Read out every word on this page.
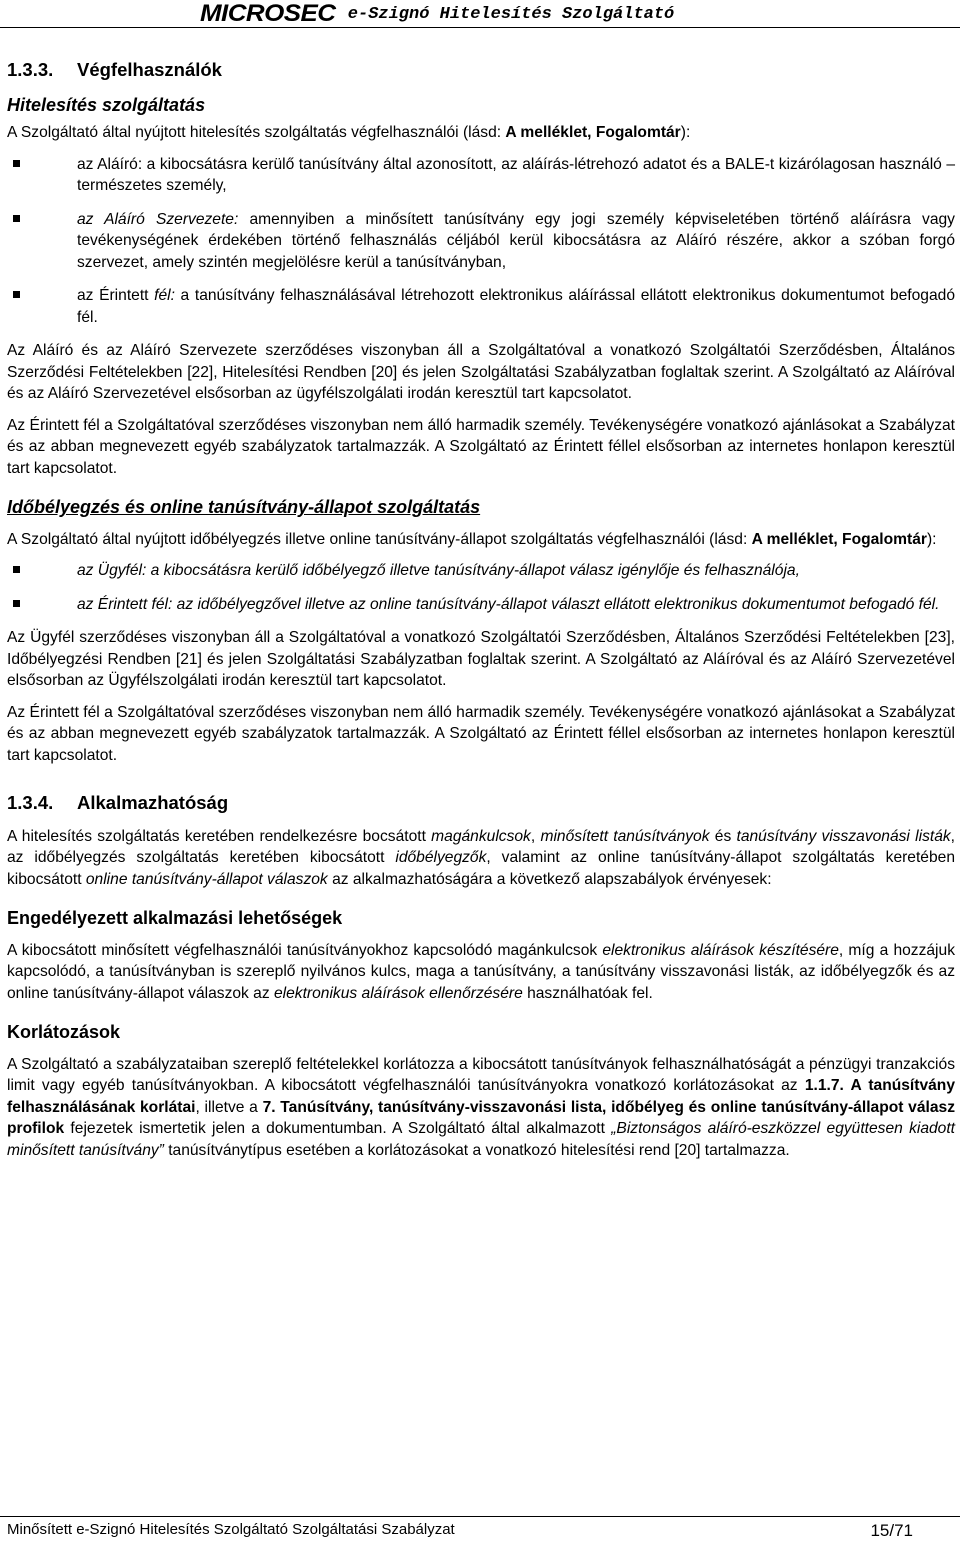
MICROSEC e-Szignó Hitelesítés Szolgáltató
1.3.3. Végfelhasználók
Hitelesítés szolgáltatás

A Szolgáltató által nyújtott hitelesítés szolgáltatás végfelhasználói (lásd: A melléklet, Fogalomtár):

az Aláíró: a kibocsátásra kerülő tanúsítvány által azonosított, az aláírás-létrehozó adatot és a BALE-t kizárólagosan használó – természetes személy,
az Aláíró Szervezete: amennyiben a minősített tanúsítvány egy jogi személy képviseletében történő aláírásra vagy tevékenységének érdekében történő felhasználás céljából kerül kibocsátásra az Aláíró részére, akkor a szóban forgó szervezet, amely szintén megjelölésre kerül a tanúsítványban,
az Érintett fél: a tanúsítvány felhasználásával létrehozott elektronikus aláírással ellátott elektronikus dokumentumot befogadó fél.

Az Aláíró és az Aláíró Szervezete szerződéses viszonyban áll a Szolgáltatóval a vonatkozó Szolgáltatói Szerződésben, Általános Szerződési Feltételekben [22], Hitelesítési Rendben [20] és jelen Szolgáltatási Szabályzatban foglaltak szerint. A Szolgáltató az Aláíróval és az Aláíró Szervezetével elsősorban az ügyfélszolgálati irodán keresztül tart kapcsolatot.

Az Érintett fél a Szolgáltatóval szerződéses viszonyban nem álló harmadik személy. Tevékenységére vonatkozó ajánlásokat a Szabályzat és az abban megnevezett egyéb szabályzatok tartalmazzák. A Szolgáltató az Érintett féllel elsősorban az internetes honlapon keresztül tart kapcsolatot.

Időbélyegzés és online tanúsítvány-állapot szolgáltatás

A Szolgáltató által nyújtott időbélyegzés illetve online tanúsítvány-állapot szolgáltatás végfelhasználói (lásd: A melléklet, Fogalomtár):

az Ügyfél: a kibocsátásra kerülő időbélyegző illetve tanúsítvány-állapot válasz igénylője és felhasználója,
az Érintett fél: az időbélyegzővel illetve az online tanúsítvány-állapot választ ellátott elektronikus dokumentumot befogadó fél.

Az Ügyfél szerződéses viszonyban áll a Szolgáltatóval a vonatkozó Szolgáltatói Szerződésben, Általános Szerződési Feltételekben [23], Időbélyegzési Rendben [21] és jelen Szolgáltatási Szabályzatban foglaltak szerint. A Szolgáltató az Aláíróval és az Aláíró Szervezetével elsősorban az Ügyfélszolgálati irodán keresztül tart kapcsolatot.

Az Érintett fél a Szolgáltatóval szerződéses viszonyban nem álló harmadik személy. Tevékenységére vonatkozó ajánlásokat a Szabályzat és az abban megnevezett egyéb szabályzatok tartalmazzák. A Szolgáltató az Érintett féllel elsősorban az internetes honlapon keresztül tart kapcsolatot.

1.3.4. Alkalmazhatóság

A hitelesítés szolgáltatás keretében rendelkezésre bocsátott magánkulcsok, minősített tanúsítványok és tanúsítvány visszavonási listák, az időbélyegzés szolgáltatás keretében kibocsátott időbélyegzők, valamint az online tanúsítvány-állapot szolgáltatás keretében kibocsátott online tanúsítvány-állapot válaszok az alkalmazhatóságára a következő alapszabályok érvényesek:

Engedélyezett alkalmazási lehetőségek

A kibocsátott minősített végfelhasználói tanúsítványokhoz kapcsolódó magánkulcsok elektronikus aláírások készítésére, míg a hozzájuk kapcsolódó, a tanúsítványban is szereplő nyilvános kulcs, maga a tanúsítvány, a tanúsítvány visszavonási listák, az időbélyegzők és az online tanúsítvány-állapot válaszok az elektronikus aláírások ellenőrzésére használhatóak fel.

Korlátozások

A Szolgáltató a szabályzataiban szereplő feltételekkel korlátozza a kibocsátott tanúsítványok felhasználhatóságát a pénzügyi tranzakciós limit vagy egyéb tanúsítványokban. A kibocsátott végfelhasználói tanúsítványokra vonatkozó korlátozásokat az 1.1.7. A tanúsítvány felhasználásának korlátai, illetve a 7. Tanúsítvány, tanúsítvány-visszavonási lista, időbélyeg és online tanúsítvány-állapot válasz profilok fejezetek ismertetik jelen a dokumentumban. A Szolgáltató által alkalmazott „Biztonságos aláíró-eszközzel együttesen kiadott minősített tanúsítvány” tanúsítványtípus esetében a korlátozásokat a vonatkozó hitelesítési rend [20] tartalmazza.

Minősített e-Szignó Hitelesítés Szolgáltató Szolgáltatási Szabályzat	15/71
